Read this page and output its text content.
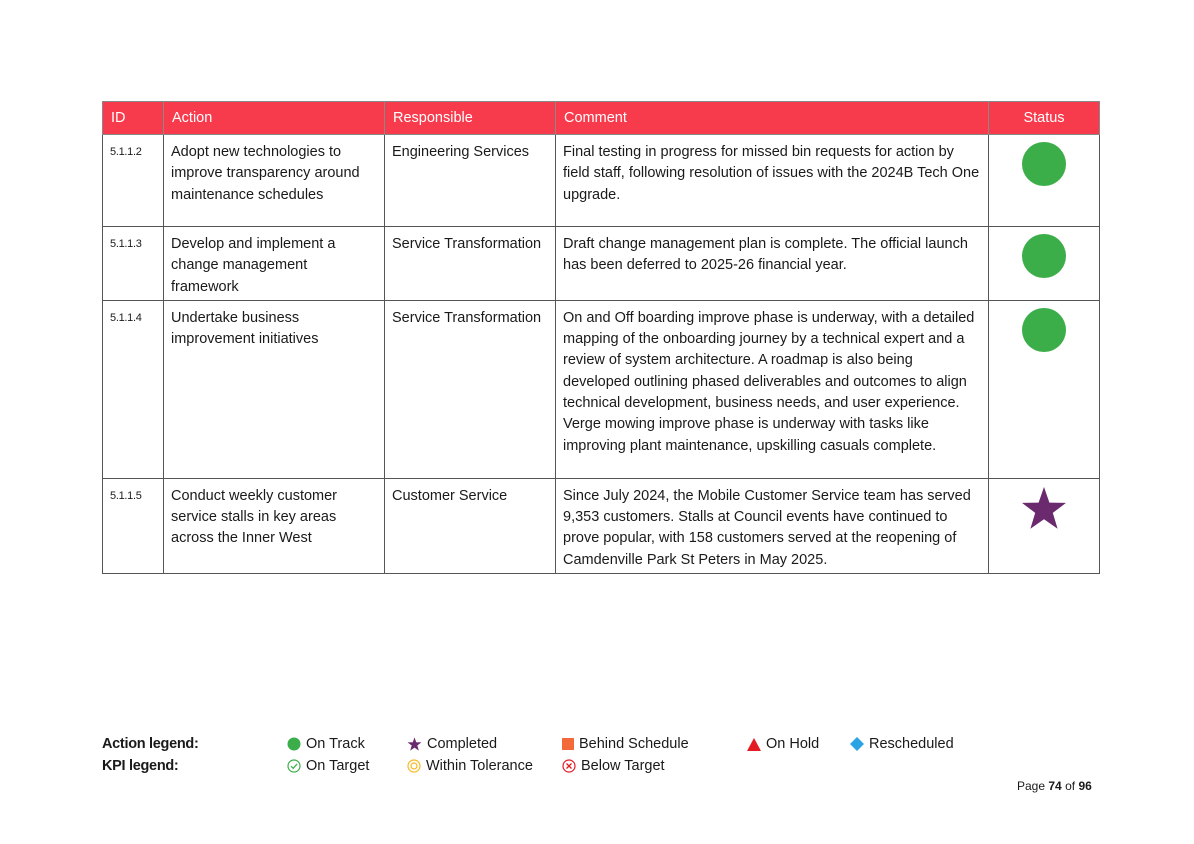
ID	Action	Responsible	Comment	Status
5.1.1.2	Adopt new technologies to improve transparency around maintenance schedules	Engineering Services	Final testing in progress for missed bin requests for action by field staff, following resolution of issues with the 2024B Tech One upgrade.	
5.1.1.3	Develop and implement a change management framework	Service Transformation	Draft change management plan is complete. The official launch has been deferred to 2025-26 financial year.	
5.1.1.4	Undertake business improvement initiatives	Service Transformation	On and Off boarding improve phase is underway, with a detailed mapping of the onboarding journey by a technical expert and a review of system architecture. A roadmap is also being developed outlining phased deliverables and outcomes to align technical development, business needs, and user experience. Verge mowing improve phase is underway with tasks like improving plant maintenance, upskilling casuals complete.	
5.1.1.5	Conduct weekly customer service stalls in key areas across the Inner West	Customer Service	Since July 2024, the Mobile Customer Service team has served 9,353 customers. Stalls at Council events have continued to prove popular, with 158 customers served at the reopening of Camdenville Park St Peters in May 2025.	
Action legend:	On Track	Completed	Behind Schedule	On Hold	Rescheduled
KPI legend:	On Target	Within Tolerance	Below Target
Page 74 of 96
